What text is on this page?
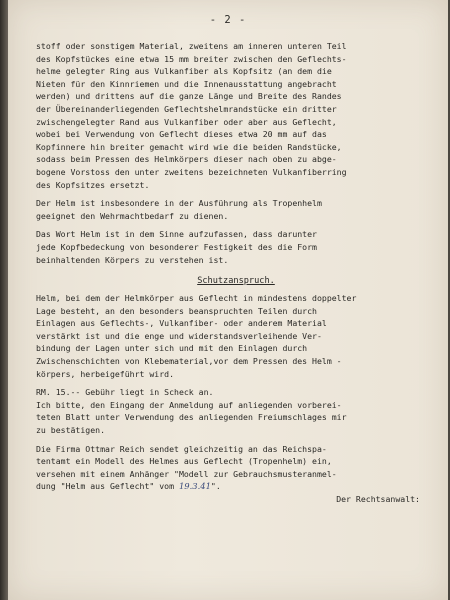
- 2 -
stoff oder sonstigem Material, zweitens am inneren unteren Teil
des Kopfstückes eine etwa 15 mm breiter zwischen den Geflechts-
helme gelegter Ring aus Vulkanfiber als Kopfsitz (an dem die
Nieten für den Kinnriemen und die Innenausstattung angebracht
werden) und drittens auf die ganze Länge und Breite des Randes
der Übereinanderliegenden Geflechtshelmrandstücke ein dritter
zwischengelegter Rand aus Vulkanfiber oder aber aus Geflecht,
wobei bei Verwendung von Geflecht dieses etwa 20 mm auf das
Kopfinnere hin breiter gemacht wird wie die beiden Randstücke,
sodass beim Pressen des Helmkörpers dieser nach oben zu abge-
bogene Vorstoss den unter zweitens bezeichneten Vulkanfiberring
des Kopfsitzes ersetzt.
Der Helm ist insbesondere in der Ausführung als Tropenhelm
geeignet den Wehrmachtbedarf zu dienen.
Das Wort Helm ist in dem Sinne aufzufassen, dass darunter
jede Kopfbedeckung von besonderer Festigkeit des die Form
beinhaltenden Körpers zu verstehen ist.
Schutzanspruch.
Helm, bei dem der Helmkörper aus Geflecht in mindestens doppelter
Lage besteht, an den besonders beanspruchten Teilen durch
Einlagen aus Geflechts-, Vulkanfiber- oder anderem Material
verstärkt ist und die enge und widerstandsverleihende Ver-
bindung der Lagen unter sich und mit den Einlagen durch
Zwischenschichten von Klebematerial,vor dem Pressen des Helm -
körpers, herbeigeführt wird.
RM. 15.-- Gebühr liegt in Scheck an.
Ich bitte, den Eingang der Anmeldung auf anliegenden vorberei-
teten Blatt unter Verwendung des anliegenden Freiumschlages mir
zu bestätigen.
Die Firma Ottmar Reich sendet gleichzeitig an das Reichspa-
tentamt ein Modell des Helmes aus Geflecht (Tropenhelm) ein,
versehen mit einem Anhänger "Modell zur Gebrauchsmusteranmel-
dung "Helm aus Geflecht" vom 19.3.41".
Der Rechtsanwalt:
